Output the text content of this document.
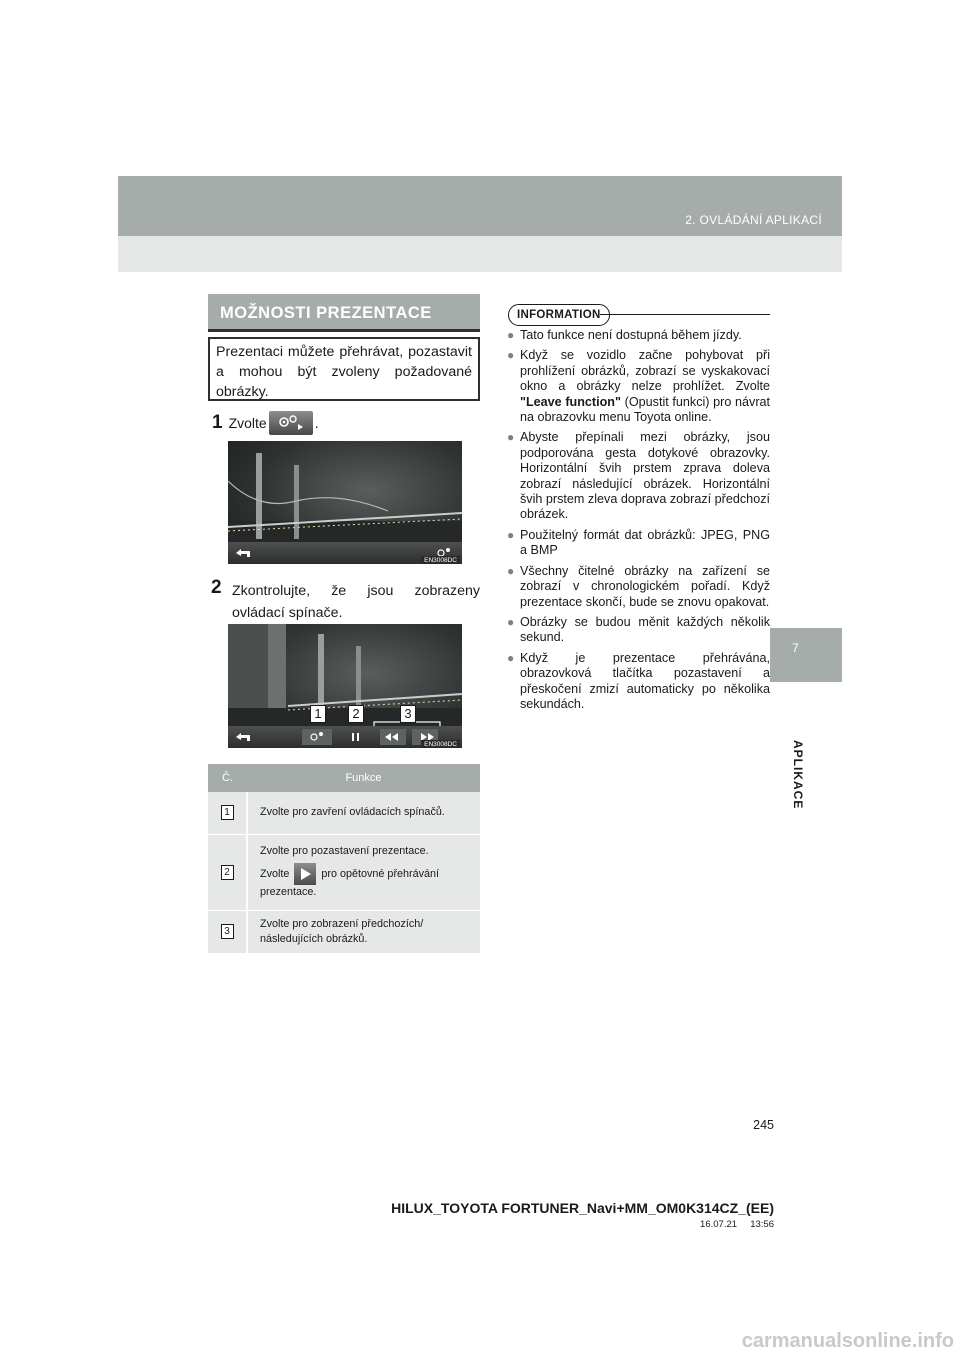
2. OVLÁDÁNÍ APLIKACÍ
7
APLIKACE
MOŽNOSTI PREZENTACE
Prezentaci můžete přehrávat, pozastavit a mohou být zvoleny požadované obrázky.
1 Zvolte	.
EN3008DC
2 Zkontrolujte, že jsou zobrazeny ovládací spínače.
1	2	3
EN3008DC
Č.	Funkce
1	Zvolte pro zavření ovládacích spínačů.
2	Zvolte pro pozastavení prezentace.
Zvolte pro opětovné přehrávání
prezentace.

3	Zvolte pro zobrazení předchozích/
následujících obrázků.
INFORMATION
● Tato funkce není dostupná během jízdy.
● Když se vozidlo začne pohybovat při prohlížení obrázků, zobrazí se vyskakovací okno a obrázky nelze prohlížet. Zvolte "Leave function" (Opustit funkci) pro návrat na obrazovku menu Toyota online.
● Abyste přepínali mezi obrázky, jsou podporována gesta dotykové obrazovky. Horizontální švih prstem zprava doleva zobrazí následující obrázek. Horizontální švih prstem zleva doprava zobrazí předchozí obrázek.
● Použitelný formát dat obrázků: JPEG, PNG a BMP
● Všechny čitelné obrázky na zařízení se zobrazí v chronologickém pořadí. Když prezentace skončí, bude se znovu opakovat.
● Obrázky se budou měnit každých několik sekund.
● Když je prezentace přehrávána, obrazovková tlačítka pozastavení a přeskočení zmizí automaticky po několika sekundách.
245
HILUX_TOYOTA FORTUNER_Navi+MM_OM0K314CZ_(EE)
16.07.21     13:56
carmanualsonline.info
